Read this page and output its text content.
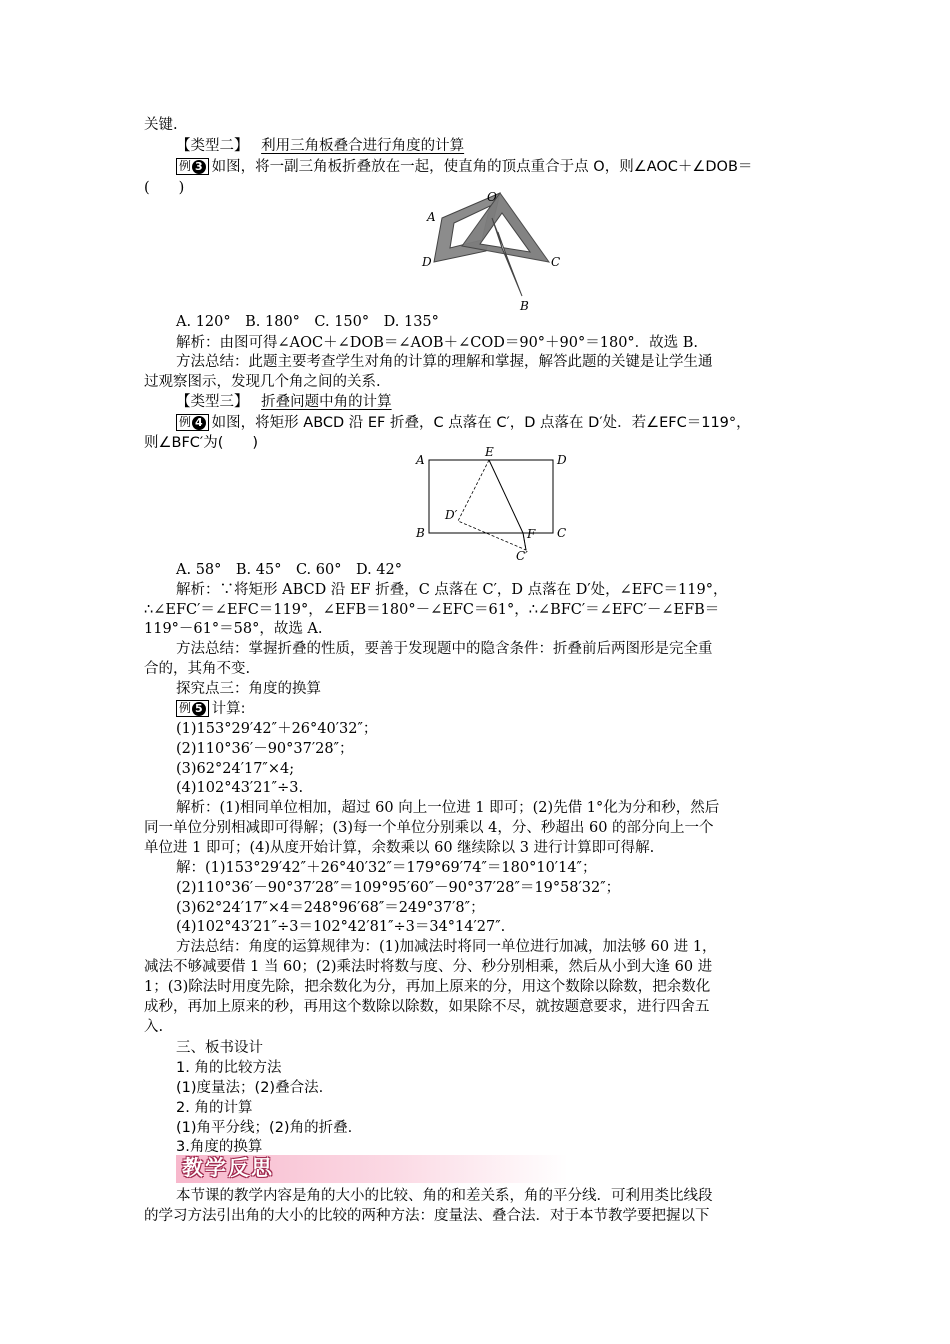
关键.
【类型二】 利用三角板叠合进行角度的计算
例 3 如图，将一副三角板折叠放在一起，使直角的顶点重合于点 O，则∠AOC＋∠DOB＝
(　　)
A
O
D	C
B
A. 120°　B. 180°　C. 150°　D. 135°
解析：由图可得∠AOC＋∠DOB＝∠AOB＋∠COD＝90°＋90°＝180°．故选 B.
方法总结：此题主要考查学生对角的计算的理解和掌握，解答此题的关键是让学生通
过观察图示，发现几个角之间的关系.
【类型三】 折叠问题中角的计算
例 4 如图，将矩形 ABCD 沿 EF 折叠，C 点落在 C′，D 点落在 D′处．若∠EFC＝119°，
则∠BFC′为(　　)
A
E
D
D′
B	F C
C′
A. 58°　B. 45°　C. 60°　D. 42°
解析：∵将矩形 ABCD 沿 EF 折叠，C 点落在 C′，D 点落在 D′处，∠EFC＝119°，
∴∠EFC′＝∠EFC＝119°，∠EFB＝180°－∠EFC＝61°，∴∠BFC′＝∠EFC′－∠EFB＝
119°－61°＝58°，故选 A.
方法总结：掌握折叠的性质，要善于发现题中的隐含条件：折叠前后两图形是完全重
合的，其角不变.
探究点三：角度的换算
例 5 计算:
(1)153°29′42″＋26°40′32″；
(2)110°36′－90°37′28″；
(3)62°24′17″×4;
(4)102°43′21″÷3.
解析：(1)相同单位相加，超过 60 向上一位进 1 即可；(2)先借 1°化为分和秒，然后
同一单位分别相减即可得解；(3)每一个单位分别乘以 4，分、秒超出 60 的部分向上一个
单位进 1 即可；(4)从度开始计算，余数乘以 60 继续除以 3 进行计算即可得解.
解：(1)153°29′42″＋26°40′32″＝179°69′74″＝180°10′14″；
(2)110°36′－90°37′28″＝109°95′60″－90°37′28″＝19°58′32″；
(3)62°24′17″×4＝248°96′68″＝249°37′8″；
(4)102°43′21″÷3＝102°42′81″÷3＝34°14′27″.
方法总结：角度的运算规律为：(1)加减法时将同一单位进行加减，加法够 60 进 1，
减法不够减要借 1 当 60；(2)乘法时将数与度、分、秒分别相乘，然后从小到大逢 60 进
1；(3)除法时用度先除，把余数化为分，再加上原来的分，用这个数除以除数，把余数化
成秒，再加上原来的秒，再用这个数除以除数，如果除不尽，就按题意要求，进行四舍五
入.
三、板书设计
1. 角的比较方法
(1)度量法；(2)叠合法.
2. 角的计算
(1)角平分线；(2)角的折叠.
3.角度的换算
教学反思
本节课的教学内容是角的大小的比较、角的和差关系，角的平分线．可利用类比线段
的学习方法引出角的大小的比较的两种方法：度量法、叠合法．对于本节教学要把握以下
